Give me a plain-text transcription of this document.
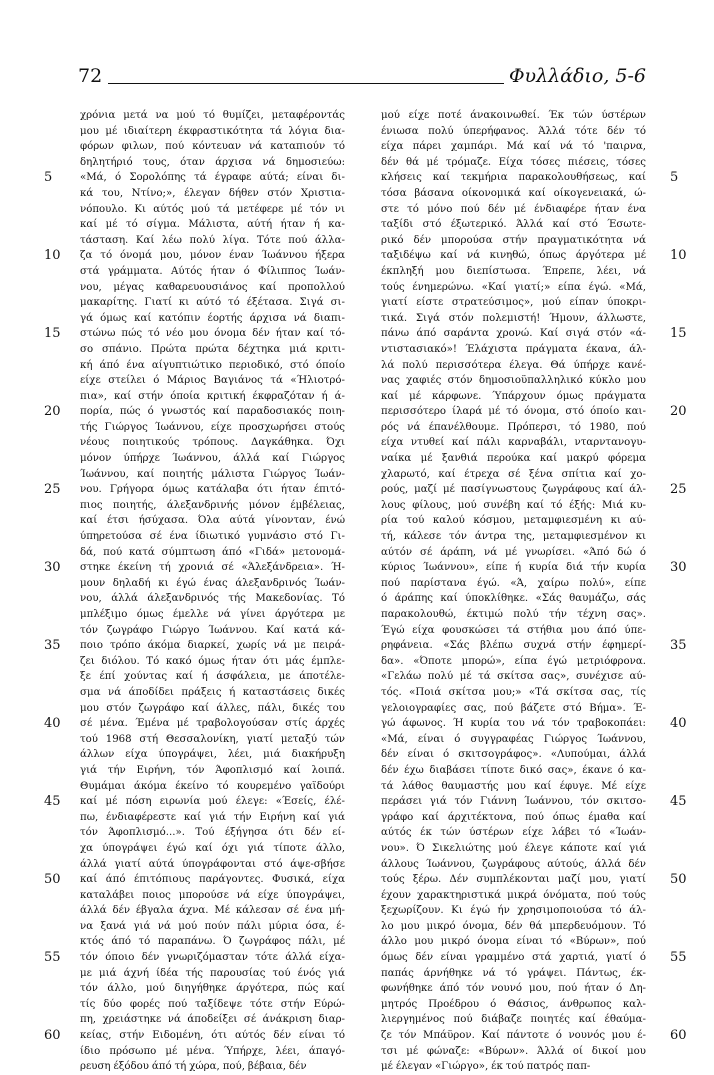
72	Φυλλάδιο, 5-6
5
10
15
20
25
30
35
40
45
50
55
60
χρόνια μετά να μού τό θυμίζει, μεταφέροντάς
μου μέ ιδιαίτερη έκφραστικότητα τά λόγια δια-
φόρων φιλων, πού κόντευαν νά καταπιούν τό
δηλητήριό τους, όταν άρχισα νά δημοσιεύω:
«Μά, ό Σορολόπης τά έγραφε αύτά; είναι δι-
κά του, Ντίνο;», έλεγαν δήθεν στόν Χριστια-
νόπουλο. Κι αύτός μού τά μετέφερε μέ τόν νι
καί μέ τό σίγμα. Μάλιστα, αύτή ήταν ή κα-
τάσταση. Καί λέω πολύ λίγα. Τότε πού άλλα-
ζα τό όνομά μου, μόνον έναν Ίωάννου ήξερα
στά γράμματα. Αύτός ήταν ό Φίλιππος Ίωάν-
νου, μέγας καθαρευουσιάνος καί προπολλού
μακαρίτης. Γιατί κι αύτό τό έξέτασα. Σιγά σι-
γά όμως καί κατόπιν έορτής άρχισα νά διαπι-
στώνω πώς τό νέο μου όνομα δέν ήταν καί τό-
σο σπάνιο. Πρώτα πρώτα δέχτηκα μιά κριτι-
κή άπό ένα αίγυπτιώτικο περιοδικό, στό όποίο
είχε στείλει ό Μάριος Βαγιάνος τά «Ήλιοτρό-
πια», καί στήν όποία κριτική έκφραζόταν ή ά-
πορία, πώς ό γνωστός καί παραδοσιακός ποιη-
τής Γιώργος Ίωάννου, είχε προσχωρήσει στούς
νέους ποιητικούς τρόπους. Δαγκάθηκα. Όχι
μόνον ύπήρχε Ίωάννου, άλλά καί Γιώργος
Ίωάννου, καί ποιητής μάλιστα Γιώργος Ίωάν-
νου. Γρήγορα όμως κατάλαβα ότι ήταν έπιτό-
πιος ποιητής, άλεξανδρινής μόνον έμβέλειας,
καί έτσι ήσύχασα. Όλα αύτά γίνονταν, ένώ
ύπηρετούσα σέ ένα ίδιωτικό γυμνάσιο στό Γι-
δά, πού κατά σύμπτωση άπό «Γιδά» μετονομά-
στηκε έκείνη τή χρονιά σέ «Άλεξάνδρεια». Ή-
μουν δηλαδή κι έγώ ένας άλεξανδρινός Ίωάν-
νου, άλλά άλεξανδρινός τής Μακεδονίας. Τό
μπλέξιμο όμως έμελλε νά γίνει άργότερα με
τόν ζωγράφο Γιώργο Ίωάννου. Καί κατά κά-
ποιο τρόπο άκόμα διαρκεί, χωρίς νά με πειρά-
ζει διόλου. Τό κακό όμως ήταν ότι μάς έμπλε-
ξε έπί χούντας καί ή άσφάλεια, με άποτέλε-
σμα νά άποδίδει πράξεις ή καταστάσεις δικές
μου στόν ζωγράφο καί άλλες, πάλι, δικές του
σέ μένα. Έμένα μέ τραβολογούσαν στίς άρχές
τού 1968 στή Θεσσαλονίκη, γιατί μεταξύ τών
άλλων είχα ύπογράψει, λέει, μιά διακήρυξη
γιά τήν Ειρήνη, τόν Άφοπλισμό καί λοιπά.
Θυμάμαι άκόμα έκείνο τό κουρεμένο γαϊδούρι
καί μέ πόση ειρωνία μού έλεγε: «Έσείς, έλέ-
πω, ένδιαφέρεστε καί γιά τήν Ειρήνη καί γιά
τόν Άφοπλισμό...». Τού έξήγησα ότι δέν εί-
χα ύπογράψει έγώ καί όχι γιά τίποτε άλλο,
άλλά γιατί αύτά ύπογράφονται στό άψε-σβήσε
καί άπό έπιτόπιους παράγοντες. Φυσικά, είχα
καταλάβει ποιος μπορούσε νά είχε ύπογράψει,
άλλά δέν έβγαλα άχνα. Μέ κάλεσαν σέ ένα μή-
να ξανά γιά νά μού πούν πάλι μύρια όσα, έ-
κτός άπό τό παραπάνω. Ό ζωγράφος πάλι, μέ
τόν όποιο δέν γνωριζόμασταν τότε άλλά είχα-
με μιά άχνή ίδέα τής παρουσίας τού ένός γιά
τόν άλλο, μού διηγήθηκε άργότερα, πώς καί
τίς δύο φορές πού ταξίδεψε τότε στήν Εύρώ-
πη, χρειάστηκε νά άποδείξει σέ άνάκριση διαρ-
κείας, στήν Ειδομένη, ότι αύτός δέν είναι τό
ίδιο πρόσωπο μέ μένα. Ύπήρχε, λέει, άπαγό-
ρευση έξόδου άπό τή χώρα, πού, βέβαια, δέν
μού είχε ποτέ άνακοινωθεί. Έκ τών ύστέρων
ένιωσα πολύ ύπερήφανος. Άλλά τότε δέν τό
είχα πάρει χαμπάρι. Μά καί νά τό 'παιρνα,
δέν θά μέ τρόμαζε. Είχα τόσες πιέσεις, τόσες
κλήσεις καί τεκμήρια παρακολουθήσεως, καί
τόσα βάσανα οίκονομικά καί οίκογενειακά, ώ-
στε τό μόνο πού δέν μέ ένδιαφέρε ήταν ένα
ταξίδι στό έξωτερικό. Άλλά καί στό Έσωτε-
ρικό δέν μπορούσα στήν πραγματικότητα νά
ταξιδέψω καί νά κινηθώ, όπως άργότερα μέ
έκπληξή μου διεπίστωσα. Έπρεπε, λέει, νά
τούς ένημερώνω. «Καί γιατί;» είπα έγώ. «Μά,
γιατί είστε στρατεύσιμος», μού είπαν ύποκρι-
τικά. Σιγά στόν πολεμιστή! Ήμουν, άλλωστε,
πάνω άπό σαράντα χρονώ. Καί σιγά στόν «ά-
ντιστασιακό»! Έλάχιστα πράγματα έκανα, άλ-
λά πολύ περισσότερα έλεγα. Θά ύπήρχε κανέ-
νας χαφιές στόν δημοσιοϋπαλληλικό κύκλο μου
καί μέ κάρφωνε. Ύπάρχουν όμως πράγματα
περισσότερο ίλαρά μέ τό όνομα, στό όποίο και-
ρός νά έπανέλθουμε. Πρόπερσι, τό 1980, πού
είχα ντυθεί καί πάλι καρναβάλι, νταρντανογυ-
ναίκα μέ ξανθιά περούκα καί μακρύ φόρεμα
χλαρωτό, καί έτρεχα σέ ξένα σπίτια καί χο-
ρούς, μαζί μέ πασίγνωστους ζωγράφους καί άλ-
λους φίλους, μού συνέβη καί τό έξής: Μιά κυ-
ρία τού καλού κόσμου, μεταμφιεσμένη κι αύ-
τή, κάλεσε τόν άντρα της, μεταμφιεσμένον κι
αύτόν σέ άράπη, νά μέ γνωρίσει. «Άπό δώ ό
κύριος Ίωάννου», είπε ή κυρία διά τήν κυρία
πού παρίστανα έγώ. «Ά, χαίρω πολύ», είπε
ό άράπης καί ύποκλίθηκε. «Σάς θαυμάζω, σάς
παρακολουθώ, έκτιμώ πολύ τήν τέχνη σας».
Έγώ είχα φουσκώσει τά στήθια μου άπό ύπε-
ρηφάνεια. «Σάς βλέπω συχνά στήν έφημερί-
δα». «Όποτε μπορώ», είπα έγώ μετριόφρονα.
«Γελάω πολύ μέ τά σκίτσα σας», συνέχισε αύ-
τός. «Ποιά σκίτσα μου;» «Τά σκίτσα σας, τίς
γελοιογραφίες σας, πού βάζετε στό Βήμα». Έ-
γώ άφωνος. Ή κυρία του νά τόν τραβοκοπάει:
«Μά, είναι ό συγγραφέας Γιώργος Ίωάννου,
δέν είναι ό σκιτσογράφος». «Λυπούμαι, άλλά
δέν έχω διαβάσει τίποτε δικό σας», έκανε ό κα-
τά λάθος θαυμαστής μου καί έφυγε. Μέ είχε
περάσει γιά τόν Γιάννη Ίωάννου, τόν σκιτσο-
γράφο καί άρχιτέκτονα, πού όπως έμαθα καί
αύτός έκ τών ύστέρων είχε λάβει τό «Ίωάν-
νου». Ό Σικελιώτης μού έλεγε κάποτε καί γιά
άλλους Ίωάννου, ζωγράφους αύτούς, άλλά δέν
τούς ξέρω. Δέν συμπλέκονται μαζί μου, γιατί
έχουν χαρακτηριστικά μικρά όνόματα, πού τούς
ξεχωρίζουν. Κι έγώ ήν χρησιμοποιούσα τό άλ-
λο μου μικρό όνομα, δέν θά μπερδευόμουν. Τό
άλλο μου μικρό όνομα είναι τό «Βύρων», πού
όμως δέν είναι γραμμένο στά χαρτιά, γιατί ό
παπάς άρνήθηκε νά τό γράψει. Πάντως, έκ-
φωνήθηκε άπό τόν νουνό μου, πού ήταν ό Δη-
μητρός Προέδρου ό Θάσιος, άνθρωπος καλ-
λιεργημένος πού διάβαζε ποιητές καί έθαύμα-
ζε τόν Μπάϋρον. Καί πάντοτε ό νουνός μου έ-
τσι μέ φώναζε: «Βύρων». Άλλά οί δικοί μου
μέ έλεγαν «Γιώργο», έκ τού πατρός παπ-
5
10
15
20
25
30
35
40
45
50
55
60
